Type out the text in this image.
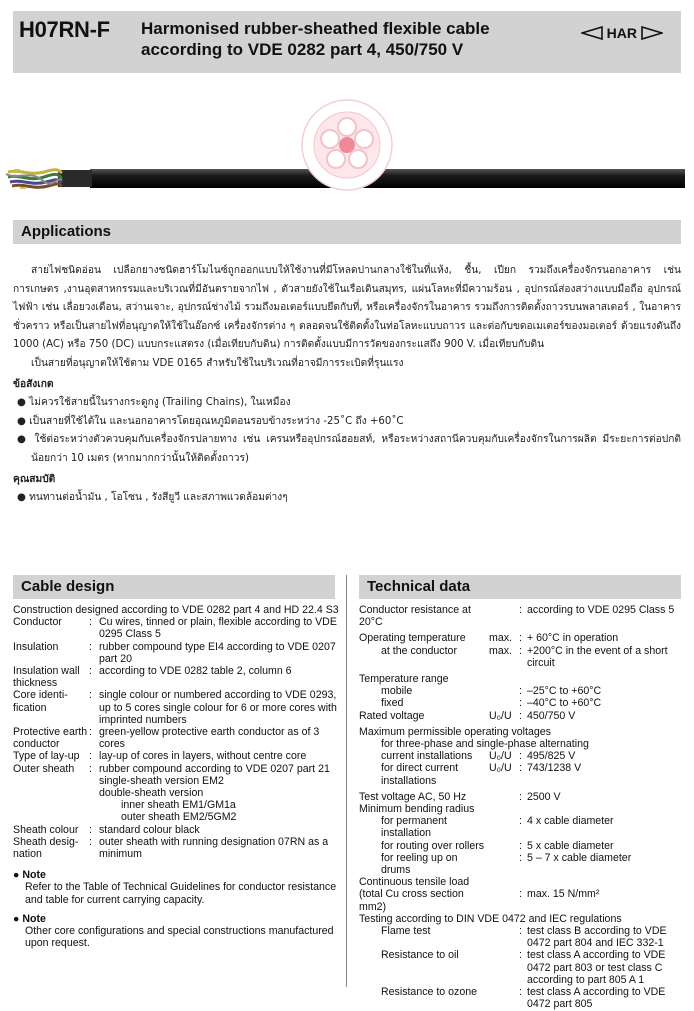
H07RN-F Harmonised rubber-sheathed flexible cable
according to VDE 0282 part 4, 450/750 V
HAR
Applications

สายไฟชนิดอ่อน เปลือกยางชนิดฮาร์โมไนซ์ถูกออกแบบให้ใช้งานที่มีโหลดปานกลางใช้ในที่แห้ง, ชื้น, เปียก รวมถึงเครื่องจักรนอกอาคาร เช่น การเกษตร ,งานอุตสาหกรรมและบริเวณที่มีอันตรายจากไฟ , ตัวสายยังใช้ในเรือเดินสมุทร, แผ่นโลหะที่มีความร้อน , อุปกรณ์ส่องสว่างแบบมือถือ อุปกรณ์ไฟฟ้า เช่น เลื่อยวงเดือน, สว่านเจาะ, อุปกรณ์ช่างไม้ รวมถึงมอเตอร์แบบยึดกับที่, หรือเครื่องจักรในอาคาร รวมถึงการติดตั้งถาวรบนพลาสเตอร์ , ในอาคารชั่วคราว หรือเป็นสายไฟที่อนุญาตให้ใช้ในอ๊อกซ์ เครื่องจักรต่าง ๆ ตลอดจนใช้ติดตั้งในท่อโลหะแบบถาวร และต่อกับขดอเมเตอร์ของมอเตอร์ ด้วยแรงดันถึง 1000 (AC) หรือ 750 (DC) แบบกระแสตรง (เมื่อเทียบกับดิน) การติดตั้งแบบมีการวัดของกระแสถึง 900 V. เมื่อเทียบกับดิน

เป็นสายที่อนุญาตให้ใช้ตาม VDE 0165 สำหรับใช้ในบริเวณที่อาจมีการระเบิดที่รุนแรง

ข้อสังเกต

● ไม่ควรใช้สายนี้ในรางกระดูกงู (Trailing Chains), ในเหมือง

● เป็นสายที่ใช้ได้ใน และนอกอาคารโดยอุณหภูมิตอนรอบข้างระหว่าง -25˚C ถึง +60˚C

● ใช้ต่อระหว่างตัวควบคุมกับเครื่องจักรปลายทาง เช่น เครนหรืออุปกรณ์ฮอยสท์, หรือระหว่างสถานีควบคุมกับเครื่องจักรในการผลิต มีระยะการต่อปกติน้อยกว่า 10 เมตร (หากมากกว่านั้นให้ติดตั้งถาวร)

คุณสมบัติ

● ทนทานต่อน้ำมัน , โอโซน , รังสียูวี และสภาพแวดล้อมต่างๆ

Cable design
Construction designed according to VDE 0282 part 4 and HD 22.4 S3
Conductor	: Cu wires, tinned or plain, flexible according to VDE 0295 Class 5
Insulation	: rubber compound type EI4 according to VDE 0207 part 20
Insulation wall thickness
: according to VDE 0282 table 2, column 6
Core identi-fication
: single colour or numbered according to VDE 0293, up to 5 cores single colour for 6 or more cores with imprinted numbers
Protective earth conductor
: green-yellow protective earth conductor as of 3 cores
Type of lay-up : lay-up of cores in layers, without centre core
Outer sheath	: rubber compound according to VDE 0207 part 21
single-sheath version EM2
double-sheath version
inner sheath EM1/GM1a
outer sheath EM2/5GM2
Sheath colour	: standard colour black
Sheath desig-nation
: outer sheath with running designation 07RN as a minimum
● Note
Refer to the Table of Technical Guidelines for conductor resistance and table for current carrying capacity.
● Note
Other core configurations and special constructions manufactured upon request.
Technical data
Conductor resistance at 20°C
: according to VDE 0295 Class 5
Operating temperature	max. : + 60°C in operation
at the conductor	max. : +200°C in the event of a short circuit
Temperature range
mobile	: –25°C to +60°C
fixed	: –40°C to +60°C
Rated voltage	U₀/U : 450/750 V
Maximum permissible operating voltages
for three-phase and single-phase alternating
current installations	U₀/U : 495/825 V
for direct current installations
U₀/U : 743/1238 V
Test voltage AC, 50 Hz	: 2500 V
Minimum bending radius
for permanent installation
: 4 x cable diameter
for routing over rollers	: 5 x cable diameter
for reeling up on drums
: 5 – 7 x cable diameter
Continuous tensile load
(total Cu cross section mm2)
: max. 15 N/mm²
Testing according to DIN VDE 0472 and IEC regulations
Flame test	: test class B according to VDE 0472 part 804 and IEC 332-1
Resistance to oil	: test class A according to VDE 0472 part 803 or test class C according to part 805 A 1
Resistance to ozone	: test class A according to VDE 0472 part 805
